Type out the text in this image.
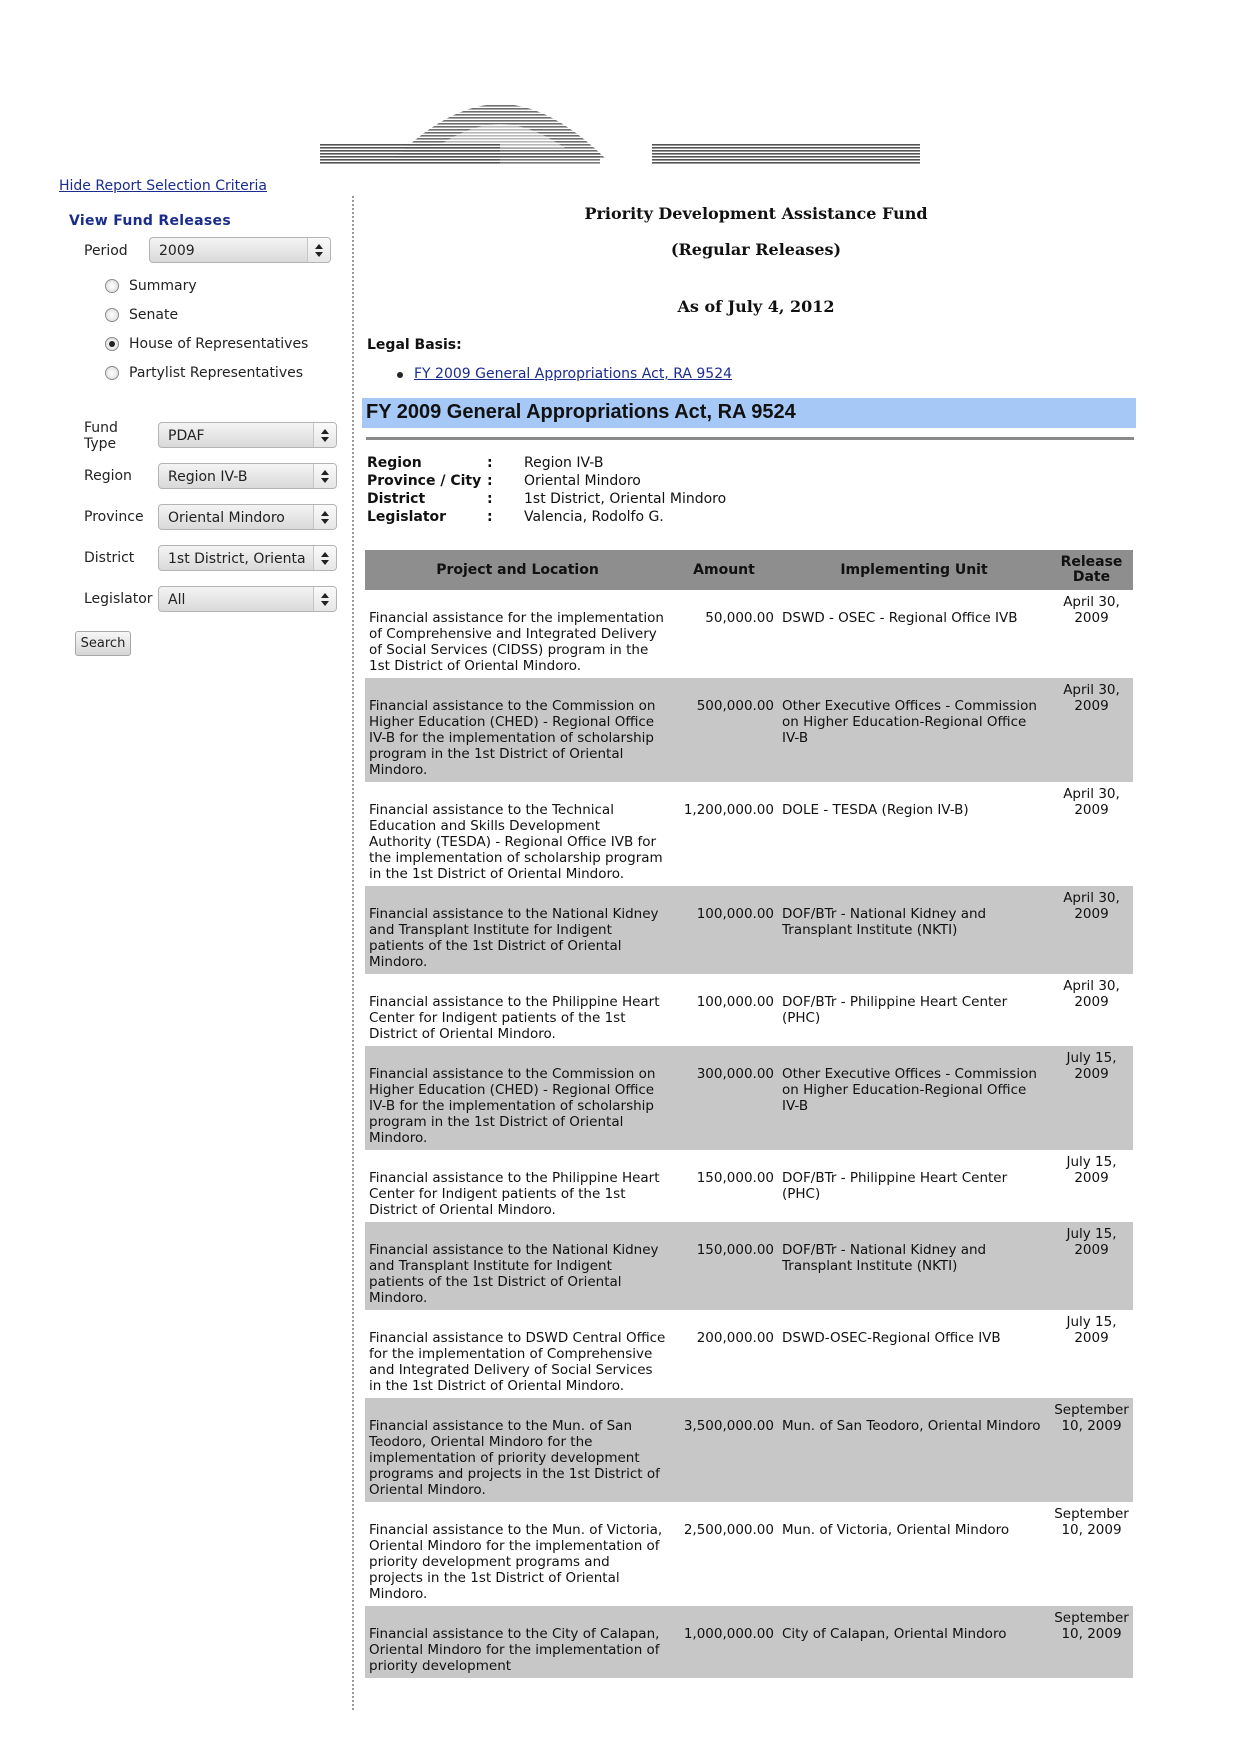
Hide Report Selection Criteria
View Fund Releases
Period 2009
Summary
Senate
House of Representatives
Partylist Representatives
Fund
Type	PDAF
Region	Region IV-B
Province Oriental Mindoro
District 1st District, Orienta
Legislator All
Search
Priority Development Assistance Fund
(Regular Releases)
As of July 4, 2012
Legal Basis:
FY 2009 General Appropriations Act, RA 9524
FY 2009 General Appropriations Act, RA 9524
Region	: Region IV-B
Province / City : Oriental Mindoro
District	: 1st District, Oriental Mindoro
Legislator	: Valencia, Rodolfo G.
Project and Location	Amount	Implementing Unit	Release Date
Financial assistance for the implementation of Comprehensive and Integrated Delivery of Social Services (CIDSS) program in the 1st District of Oriental Mindoro.	50,000.00	DSWD - OSEC - Regional Office IVB	April 30, 2009
Financial assistance to the Commission on Higher Education (CHED) - Regional Office IV-B for the implementation of scholarship program in the 1st District of Oriental Mindoro.	500,000.00	Other Executive Offices - Commission on Higher Education-Regional Office IV-B	April 30, 2009
Financial assistance to the Technical Education and Skills Development Authority (TESDA) - Regional Office IVB for the implementation of scholarship program in the 1st District of Oriental Mindoro.	1,200,000.00	DOLE - TESDA (Region IV-B)	April 30, 2009
Financial assistance to the National Kidney and Transplant Institute for Indigent patients of the 1st District of Oriental Mindoro.	100,000.00	DOF/BTr - National Kidney and Transplant Institute (NKTI)	April 30, 2009
Financial assistance to the Philippine Heart Center for Indigent patients of the 1st District of Oriental Mindoro.	100,000.00	DOF/BTr - Philippine Heart Center (PHC)	April 30, 2009
Financial assistance to the Commission on Higher Education (CHED) - Regional Office IV-B for the implementation of scholarship program in the 1st District of Oriental Mindoro.	300,000.00	Other Executive Offices - Commission on Higher Education-Regional Office IV-B	July 15, 2009
Financial assistance to the Philippine Heart Center for Indigent patients of the 1st District of Oriental Mindoro.	150,000.00	DOF/BTr - Philippine Heart Center (PHC)	July 15, 2009
Financial assistance to the National Kidney and Transplant Institute for Indigent patients of the 1st District of Oriental Mindoro.	150,000.00	DOF/BTr - National Kidney and Transplant Institute (NKTI)	July 15, 2009
Financial assistance to DSWD Central Office for the implementation of Comprehensive and Integrated Delivery of Social Services in the 1st District of Oriental Mindoro.	200,000.00	DSWD-OSEC-Regional Office IVB	July 15, 2009
Financial assistance to the Mun. of San Teodoro, Oriental Mindoro for the implementation of priority development programs and projects in the 1st District of Oriental Mindoro.	3,500,000.00	Mun. of San Teodoro, Oriental Mindoro	September 10, 2009
Financial assistance to the Mun. of Victoria, Oriental Mindoro for the implementation of priority development programs and projects in the 1st District of Oriental Mindoro.	2,500,000.00	Mun. of Victoria, Oriental Mindoro	September 10, 2009
Financial assistance to the City of Calapan, Oriental Mindoro for the implementation of priority development	1,000,000.00	City of Calapan, Oriental Mindoro	September 10, 2009
